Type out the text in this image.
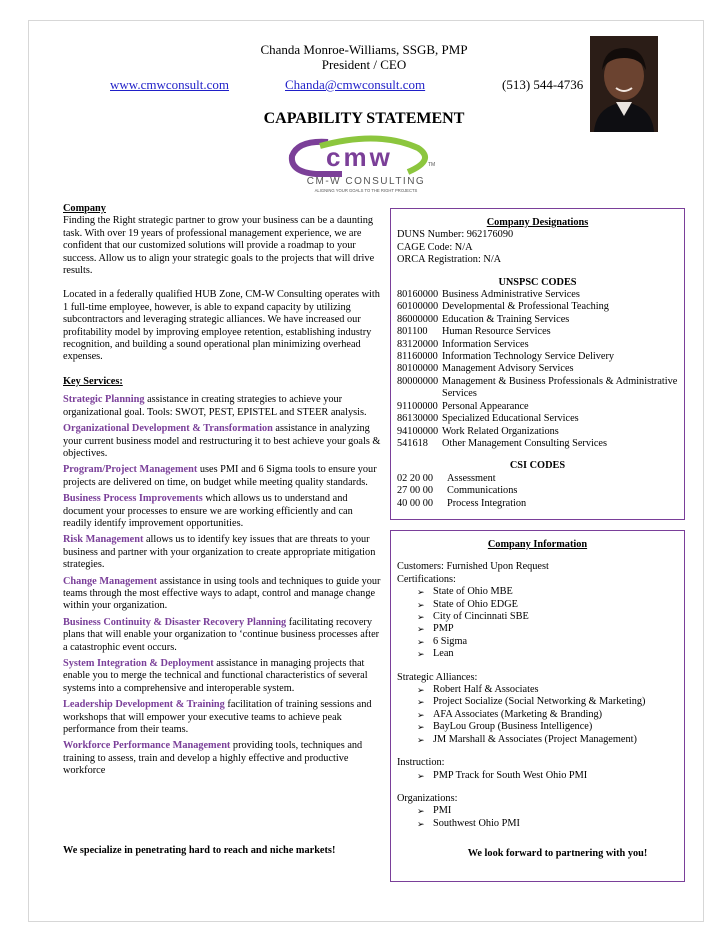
Chanda Monroe-Williams, SSGB, PMP
President / CEO
www.cmwconsult.com	Chanda@cmwconsult.com	(513) 544-4736
CAPABILITY STATEMENT
cmw	TM
CM-W CONSULTING
ALIGNING YOUR GOALS TO THE RIGHT PROJECTS

Company

Finding the Right strategic partner to grow your business can be a daunting task. With over 19 years of professional management experience, we are confident that our customized solutions will provide a roadmap to your success. Allow us to align your strategic goals to the projects that will drive results.

Located in a federally qualified HUB Zone, CM-W Consulting operates with 1 full-time employee, however, is able to expand capacity by utilizing subcontractors and leveraging strategic alliances. We have increased our profitability model by improving employee retention, establishing industry recognition, and building a sound operational plan minimizing overhead expenses.

Key Services:

Strategic Planning assistance in creating strategies to achieve your organizational goal. Tools: SWOT, PEST, EPISTEL and STEER analysis.

Organizational Development & Transformation assistance in analyzing your current business model and restructuring it to best achieve your goals & objectives.

Program/Project Management uses PMI and 6 Sigma tools to ensure your projects are delivered on time, on budget while meeting quality standards.

Business Process Improvements which allows us to understand and document your processes to ensure we are working efficiently and can readily identify improvement opportunities.

Risk Management allows us to identify key issues that are threats to your business and partner with your organization to create appropriate mitigation strategies.

Change Management assistance in using tools and techniques to guide your teams through the most effective ways to adapt, control and manage change within your organization.

Business Continuity & Disaster Recovery Planning facilitating recovery plans that will enable your organization to ‘continue business processes after a catastrophic event occurs.

System Integration & Deployment assistance in managing projects that enable you to merge the technical and functional characteristics of several systems into a comprehensive and interoperable system.

Leadership Development & Training facilitation of training sessions and workshops that will empower your executive teams to achieve peak performance from their teams.

Workforce Performance Management providing tools, techniques and training to assess, train and develop a highly effective and productive workforce

We specialize in penetrating hard to reach and niche markets!
Company Designations
DUNS Number: 962176090
CAGE Code: N/A
ORCA Registration: N/A
UNSPSC CODES
80160000 Business Administrative Services
60100000 Developmental & Professional Teaching
86000000 Education & Training Services
801100	Human Resource Services
83120000 Information Services
81160000 Information Technology Service Delivery
80100000 Management Advisory Services
80000000 Management & Business Professionals & Administrative Services
91100000 Personal Appearance
86130000 Specialized Educational Services
94100000 Work Related Organizations
541618	Other Management Consulting Services
CSI CODES
02 20 00	Assessment
27 00 00	Communications
40 00 00	Process Integration
Company Information
Customers: Furnished Upon Request
Certifications:
➢ State of Ohio MBE
➢ State of Ohio EDGE
➢ City of Cincinnati SBE
➢ PMP
➢ 6 Sigma
➢ Lean
Strategic Alliances:
➢ Robert Half & Associates
➢ Project Socialize (Social Networking & Marketing)
➢ AFA Associates (Marketing & Branding)
➢ BayLou Group (Business Intelligence)
➢ JM Marshall & Associates (Project Management)
Instruction:
➢ PMP Track for South West Ohio PMI
Organizations:
➢ PMI
➢ Southwest Ohio PMI
We look forward to partnering with you!
